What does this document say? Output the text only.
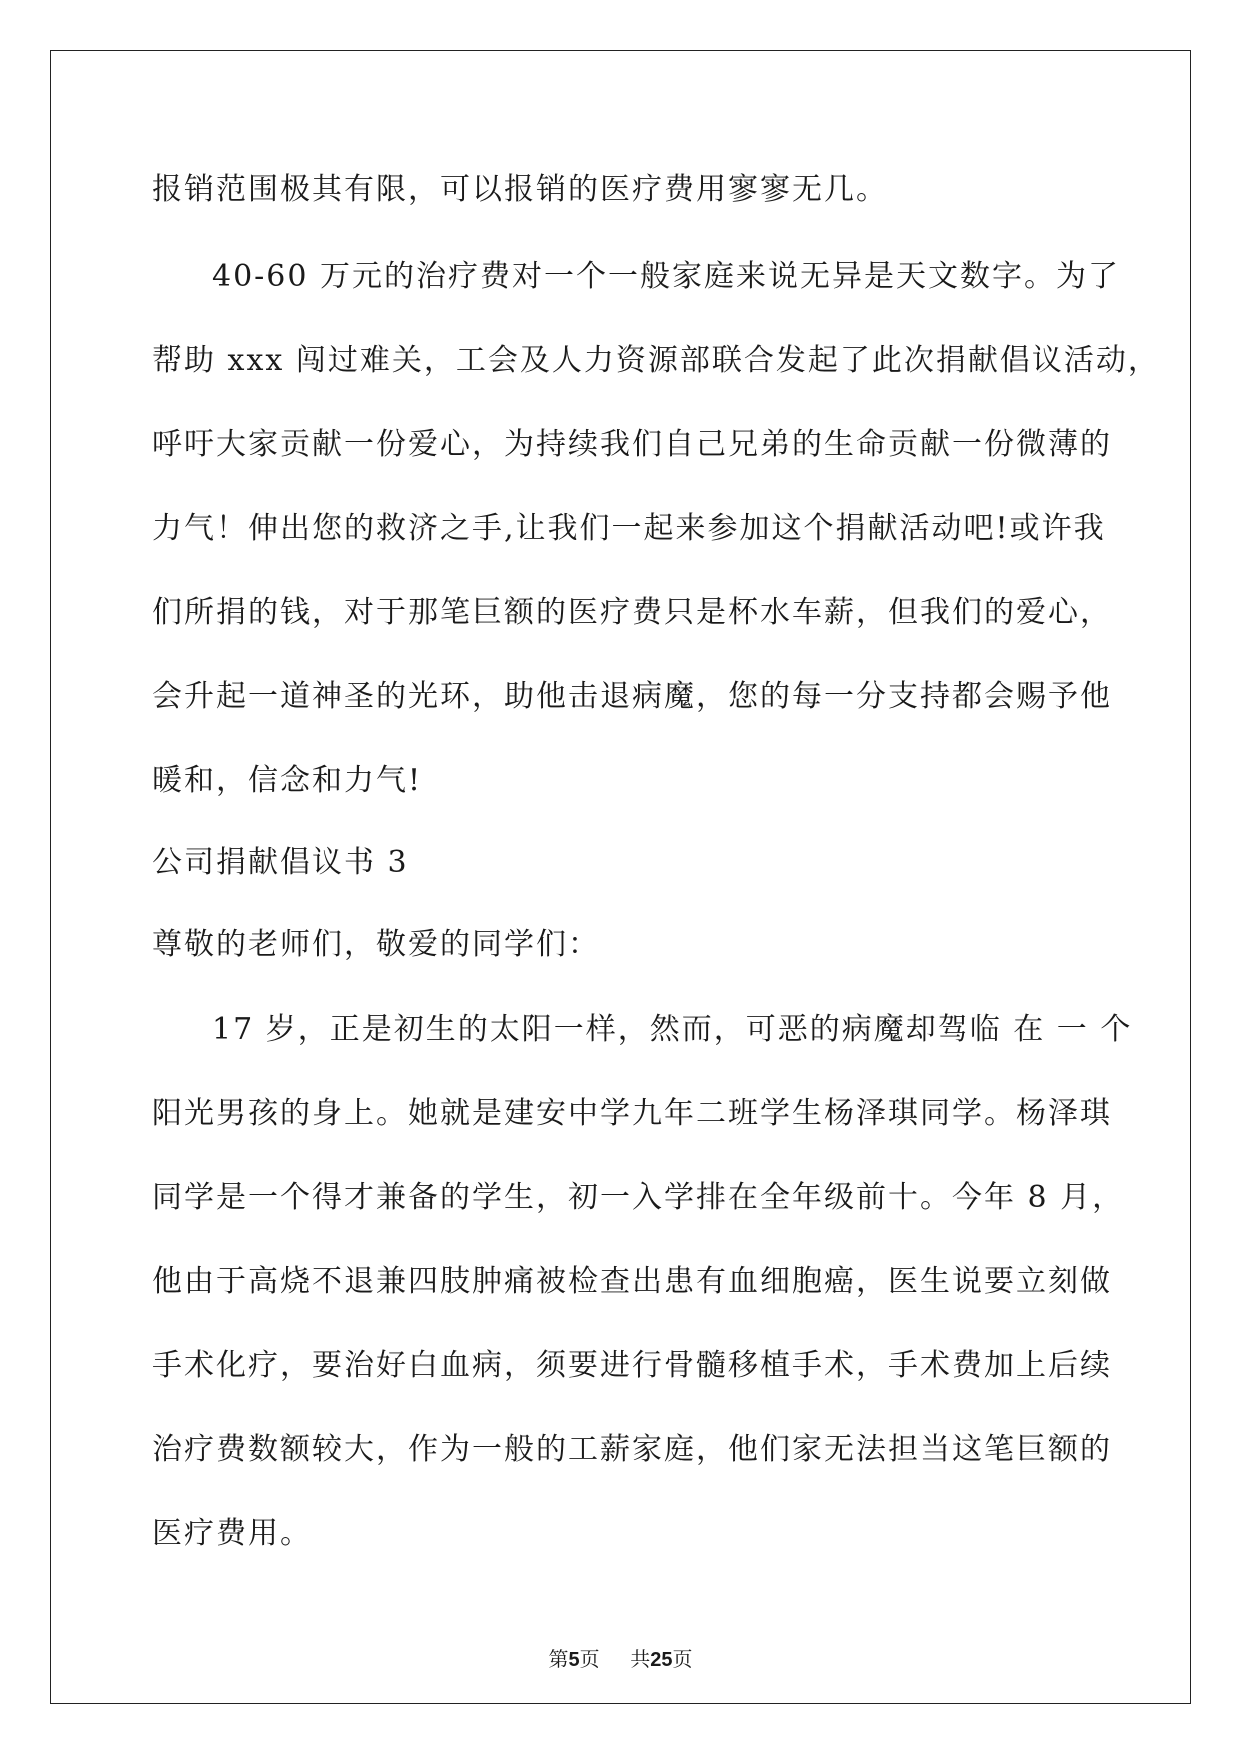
报销范围极其有限，可以报销的医疗费用寥寥无几。
40-60 万元的治疗费对一个一般家庭来说无异是天文数字。为了
帮助 xxx 闯过难关，工会及人力资源部联合发起了此次捐献倡议活动，
呼吁大家贡献一份爱心，为持续我们自己兄弟的生命贡献一份微薄的
力气！伸出您的救济之手,让我们一起来参加这个捐献活动吧!或许我
们所捐的钱，对于那笔巨额的医疗费只是杯水车薪，但我们的爱心，
会升起一道神圣的光环，助他击退病魔，您的每一分支持都会赐予他
暖和，信念和力气!
公司捐献倡议书 3
尊敬的老师们，敬爱的同学们：
17 岁，正是初生的太阳一样，然而，可恶的病魔却驾临 在 一 个
阳光男孩的身上。她就是建安中学九年二班学生杨泽琪同学。杨泽琪
同学是一个得才兼备的学生，初一入学排在全年级前十。今年 8 月，
他由于高烧不退兼四肢肿痛被检查出患有血细胞癌，医生说要立刻做
手术化疗，要治好白血病，须要进行骨髓移植手术，手术费加上后续
治疗费数额较大，作为一般的工薪家庭，他们家无法担当这笔巨额的
医疗费用。
第5页 共25页
